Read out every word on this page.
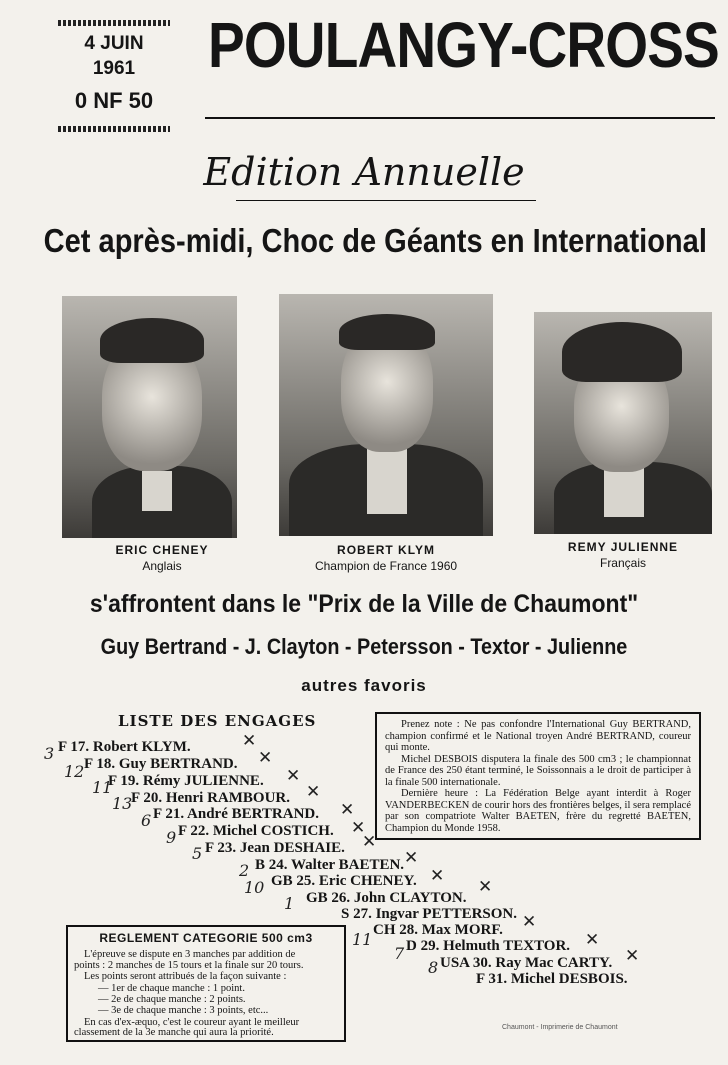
4 JUIN
1961
0 NF 50
POULANGY-CROSS
Edition Annuelle
Cet après-midi, Choc de Géants en International
ERIC CHENEY
Anglais
ROBERT KLYM
Champion de France 1960
REMY JULIENNE
Français
s'affrontent dans le "Prix de la Ville de Chaumont"
Guy Bertrand - J. Clayton - Petersson - Textor - Julienne
autres favoris
LISTE DES ENGAGES
F 17. Robert KLYM.
F 18. Guy BERTRAND.
F 19. Rémy JULIENNE.
F 20. Henri RAMBOUR.
F 21. André BERTRAND.
F 22. Michel COSTICH.
F 23. Jean DESHAIE.
B 24. Walter BAETEN.
GB 25. Eric CHENEY.
GB 26. John CLAYTON.
S 27. Ingvar PETTERSON.
CH 28. Max MORF.
D 29. Helmuth TEXTOR.
USA 30. Ray Mac CARTY.
F 31. Michel DESBOIS.
3
12
11
13
6
9
5
2
10
1
11
7
8
✕
✕
✕
✕
✕
✕
✕
✕
✕
✕
✕
✕
✕

Prenez note : Ne pas confondre l'International Guy BERTRAND, champion confirmé et le National troyen André BERTRAND, coureur qui monte.

Michel DESBOIS disputera la finale des 500 cm3 ; le championnat de France des 250 étant terminé, le Soissonnais a le droit de participer à la finale 500 internationale.

Dernière heure : La Fédération Belge ayant interdit à Roger VANDERBECKEN de courir hors des frontières belges, il sera remplacé par son compatriote Walter BAETEN, frère du regretté BAETEN, Champion du Monde 1958.

REGLEMENT CATEGORIE 500 cm3
L'épreuve se dispute en 3 manches par addition de
points : 2 manches de 15 tours et la finale sur 20 tours.
Les points seront attribués de la façon suivante :
— 1er de chaque manche : 1 point.
— 2e de chaque manche : 2 points.
— 3e de chaque manche : 3 points, etc...
En cas d'ex-æquo, c'est le coureur ayant le meilleur
classement de la 3e manche qui aura la priorité.	Chaumont - Imprimerie de Chaumont
